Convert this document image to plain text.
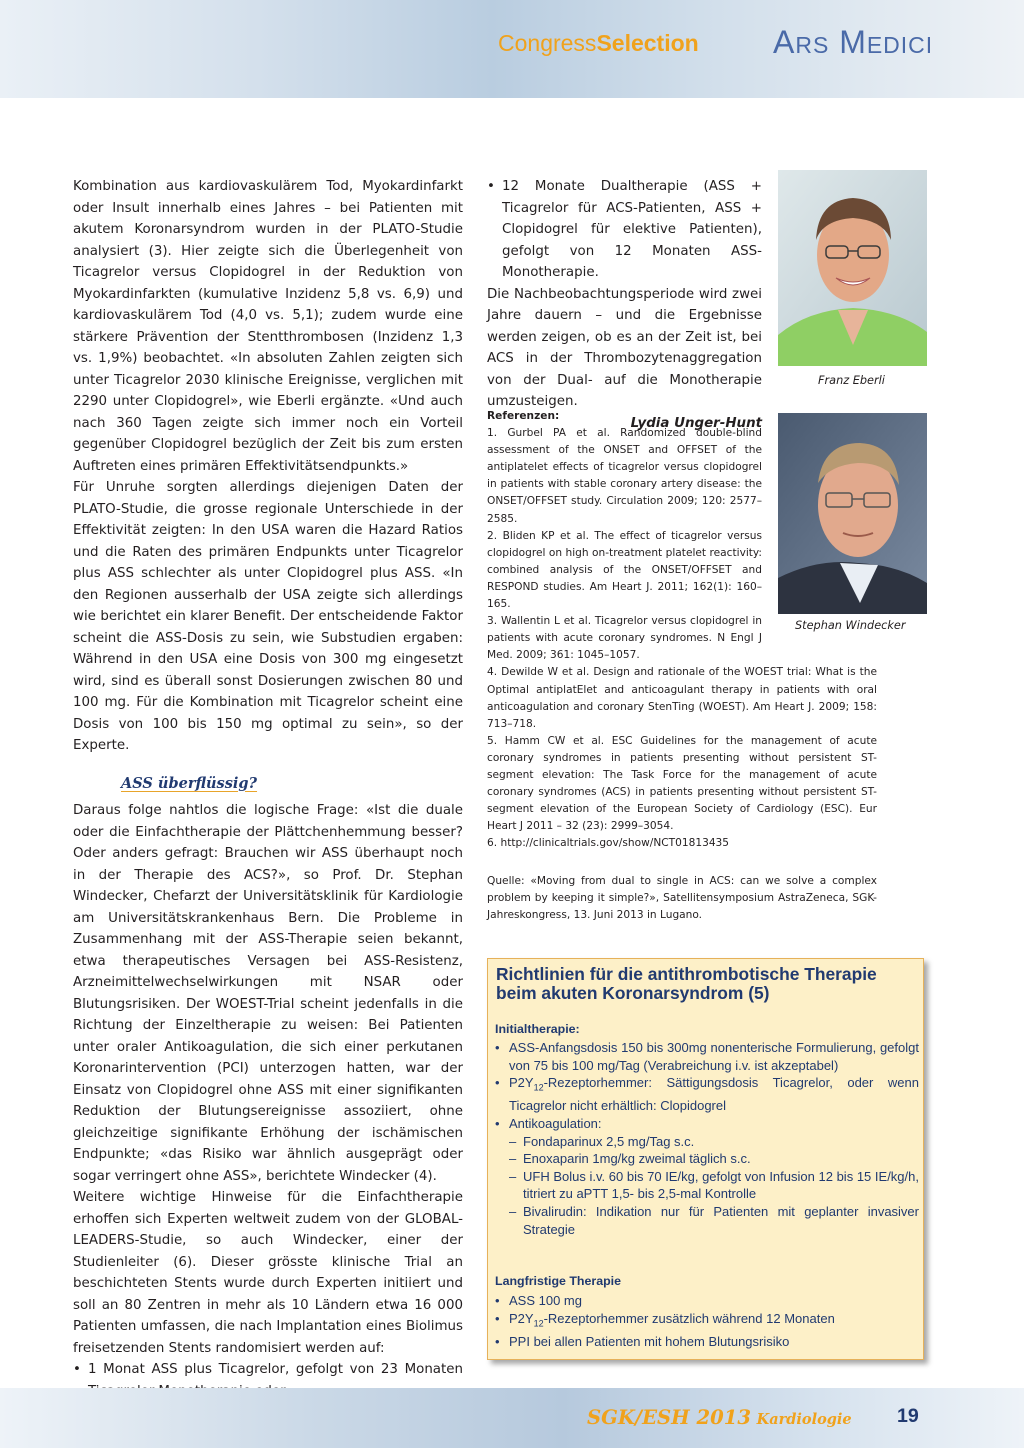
CongressSelection ARS MEDICI

Kombination aus kardiovaskulärem Tod, Myokardinfarkt oder Insult innerhalb eines Jahres – bei Patienten mit akutem Koronarsyndrom wurden in der PLATO-Studie analysiert (3). Hier zeigte sich die Überlegenheit von Ticagrelor versus Clopidogrel in der Reduktion von Myokardinfarkten (kumulative Inzidenz 5,8 vs. 6,9) und kardiovaskulärem Tod (4,0 vs. 5,1); zudem wurde eine stärkere Prävention der Stentthrombosen (Inzidenz 1,3 vs. 1,9%) beobachtet. «In absoluten Zahlen zeigten sich unter Ticagrelor 2030 klinische Ereignisse, verglichen mit 2290 unter Clopidogrel», wie Eberli ergänzte. «Und auch nach 360 Tagen zeigte sich immer noch ein Vorteil gegenüber Clopidogrel bezüglich der Zeit bis zum ersten Auftreten eines primären Effektivitätsendpunkts.»

Für Unruhe sorgten allerdings diejenigen Daten der PLATO-Studie, die grosse regionale Unterschiede in der Effektivität zeigten: In den USA waren die Hazard Ratios und die Raten des primären Endpunkts unter Ticagrelor plus ASS schlechter als unter Clopidogrel plus ASS. «In den Regionen ausserhalb der USA zeigte sich allerdings wie berichtet ein klarer Benefit. Der entscheidende Faktor scheint die ASS-Dosis zu sein, wie Substudien ergaben: Während in den USA eine Dosis von 300 mg eingesetzt wird, sind es überall sonst Dosierungen zwischen 80 und 100 mg. Für die Kombination mit Ticagrelor scheint eine Dosis von 100 bis 150 mg optimal zu sein», so der Experte.

ASS überflüssig?

Daraus folge nahtlos die logische Frage: «Ist die duale oder die Einfachtherapie der Plättchenhemmung besser? Oder anders gefragt: Brauchen wir ASS überhaupt noch in der Therapie des ACS?», so Prof. Dr. Stephan Windecker, Chefarzt der Universitätsklinik für Kardiologie am Universitätskrankenhaus Bern. Die Probleme in Zusammenhang mit der ASS-Therapie seien bekannt, etwa therapeutisches Versagen bei ASS-Resistenz, Arzneimittelwechselwirkungen mit NSAR oder Blutungsrisiken. Der WOEST-Trial scheint jedenfalls in die Richtung der Einzeltherapie zu weisen: Bei Patienten unter oraler Antikoagulation, die sich einer perkutanen Koronarintervention (PCI) unterzogen hatten, war der Einsatz von Clopidogrel ohne ASS mit einer signifikanten Reduktion der Blutungsereignisse assoziiert, ohne gleichzeitige signifikante Erhöhung der ischämischen Endpunkte; «das Risiko war ähnlich ausgeprägt oder sogar verringert ohne ASS», berichtete Windecker (4).

Weitere wichtige Hinweise für die Einfachtherapie erhoffen sich Experten weltweit zudem von der GLOBAL-LEADERS-Studie, so auch Windecker, einer der Studienleiter (6). Dieser grösste klinische Trial an beschichteten Stents wurde durch Experten initiiert und soll an 80 Zentren in mehr als 10 Ländern etwa 16 000 Patienten umfassen, die nach Implantation eines Biolimus freisetzenden Stents randomisiert werden auf:

• 1 Monat ASS plus Ticagrelor, gefolgt von 23 Monaten
• 12 Monate Dualtherapie (ASS + Ticagrelor für ACS-Patienten, ASS + Clopidogrel für elektive Patienten), gefolgt von 12 Monaten ASS-Monotherapie.

Die Nachbeobachtungsperiode wird zwei Jahre dauern – und die Ergebnisse werden zeigen, ob es an der Zeit ist, bei ACS in der Thrombozytenaggregation von der Dual- auf die Monotherapie umzusteigen.

Lydia Unger-Hunt
Franz Eberli
Stephan Windecker
Referenzen:

1. Gurbel PA et al. Randomized double-blind assessment of the ONSET and OFFSET of the antiplatelet effects of ticagrelor versus clopidogrel in patients with stable coronary artery disease: the ONSET/OFFSET study. Circulation 2009; 120: 2577–2585.

2. Bliden KP et al. The effect of ticagrelor versus clopidogrel on high on-treatment platelet reactivity: combined analysis of the ONSET/OFFSET and RESPOND studies. Am Heart J. 2011; 162(1): 160–165.

3. Wallentin L et al. Ticagrelor versus clopidogrel in patients with acute coronary syndromes. N Engl J Med. 2009; 361: 1045–1057.

4. Dewilde W et al. Design and rationale of the WOEST trial: What is the Optimal antiplatElet and anticoagulant therapy in patients with oral anticoagulation and coronary StenTing (WOEST). Am Heart J. 2009; 158: 713–718.

5. Hamm CW et al. ESC Guidelines for the management of acute coronary syndromes in patients presenting without persistent ST-segment elevation: The Task Force for the management of acute coronary syndromes (ACS) in patients presenting without persistent ST-segment elevation of the European Society of Cardiology (ESC). Eur Heart J 2011 – 32 (23): 2999–3054.

6. http://clinicaltrials.gov/show/NCT01813435

Quelle: «Moving from dual to single in ACS: can we solve a complex problem by keeping it simple?», Satellitensymposium AstraZeneca, SGK-Jahreskongress, 13. Juni 2013 in Lugano.
Richtlinien für die antithrombotische Therapie beim akuten Koronarsyndrom (5)
Initialtherapie:
• ASS-Anfangsdosis 150 bis 300mg nonenterische Formulierung, gefolgt von 75 bis 100 mg/Tag (Verabreichung i.v. ist akzeptabel)
• $P2Y_{12}$-Rezeptorhemmer: Sättigungsdosis Ticagrelor, oder wenn Ticagrelor nicht erhältlich: Clopidogrel
• Antikoagulation:
– Fondaparinux 2,5 mg/Tag s.c.
– Enoxaparin 1mg/kg zweimal täglich s.c.
– UFH Bolus i.v. 60 bis 70 IE/kg, gefolgt von Infusion 12 bis 15 IE/kg/h, titriert zu aPTT 1,5- bis 2,5-mal Kontrolle
– Bivalirudin: Indikation nur für Patienten mit geplanter invasiver Strategie
Langfristige Therapie
• ASS 100 mg
• $P2Y_{12}$-Rezeptorhemmer zusätzlich während 12 Monaten
• PPI bei allen Patienten mit hohem Blutungsrisiko
SGK/ESH 2013 Kardiologie 19
